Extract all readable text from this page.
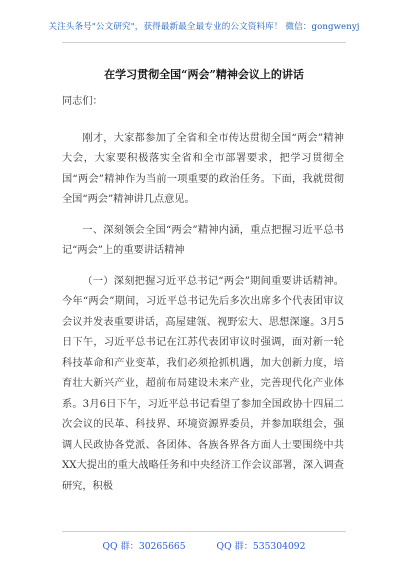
关注头条号"公文研究"，获得最新最全最专业的公文资料库！ 微信：gongwenyj
在学习贯彻全国“两会”精神会议上的讲话

同志们：

刚才，大家都参加了全省和全市传达贯彻全国“两会”精神大会，大家要积极落实全省和全市部署要求，把学习贯彻全国“两会”精神作为当前一项重要的政治任务。下面，我就贯彻全国“两会”精神讲几点意见。

一、深刻领会全国“两会”精神内涵，重点把握习近平总书记“两会”上的重要讲话精神

（一）深刻把握习近平总书记“两会”期间重要讲话精神。今年“两会”期间，习近平总书记先后多次出席多个代表团审议会议并发表重要讲话，高屋建瓴、视野宏大、思想深邃。3月5日下午，习近平总书记在江苏代表团审议时强调，面对新一轮科技革命和产业变革，我们必须抢抓机遇，加大创新力度，培育壮大新兴产业，超前布局建设未来产业，完善现代化产业体系。3月6日下午，习近平总书记看望了参加全国政协十四届二次会议的民革、科技界、环境资源界委员，并参加联组会，强调人民政协各党派、各团体、各族各界各方面人士要围绕中共XX大提出的重大战略任务和中央经济工作会议部署，深入调查研究，积极

QQ 群：30265665	QQ 群：535304092
